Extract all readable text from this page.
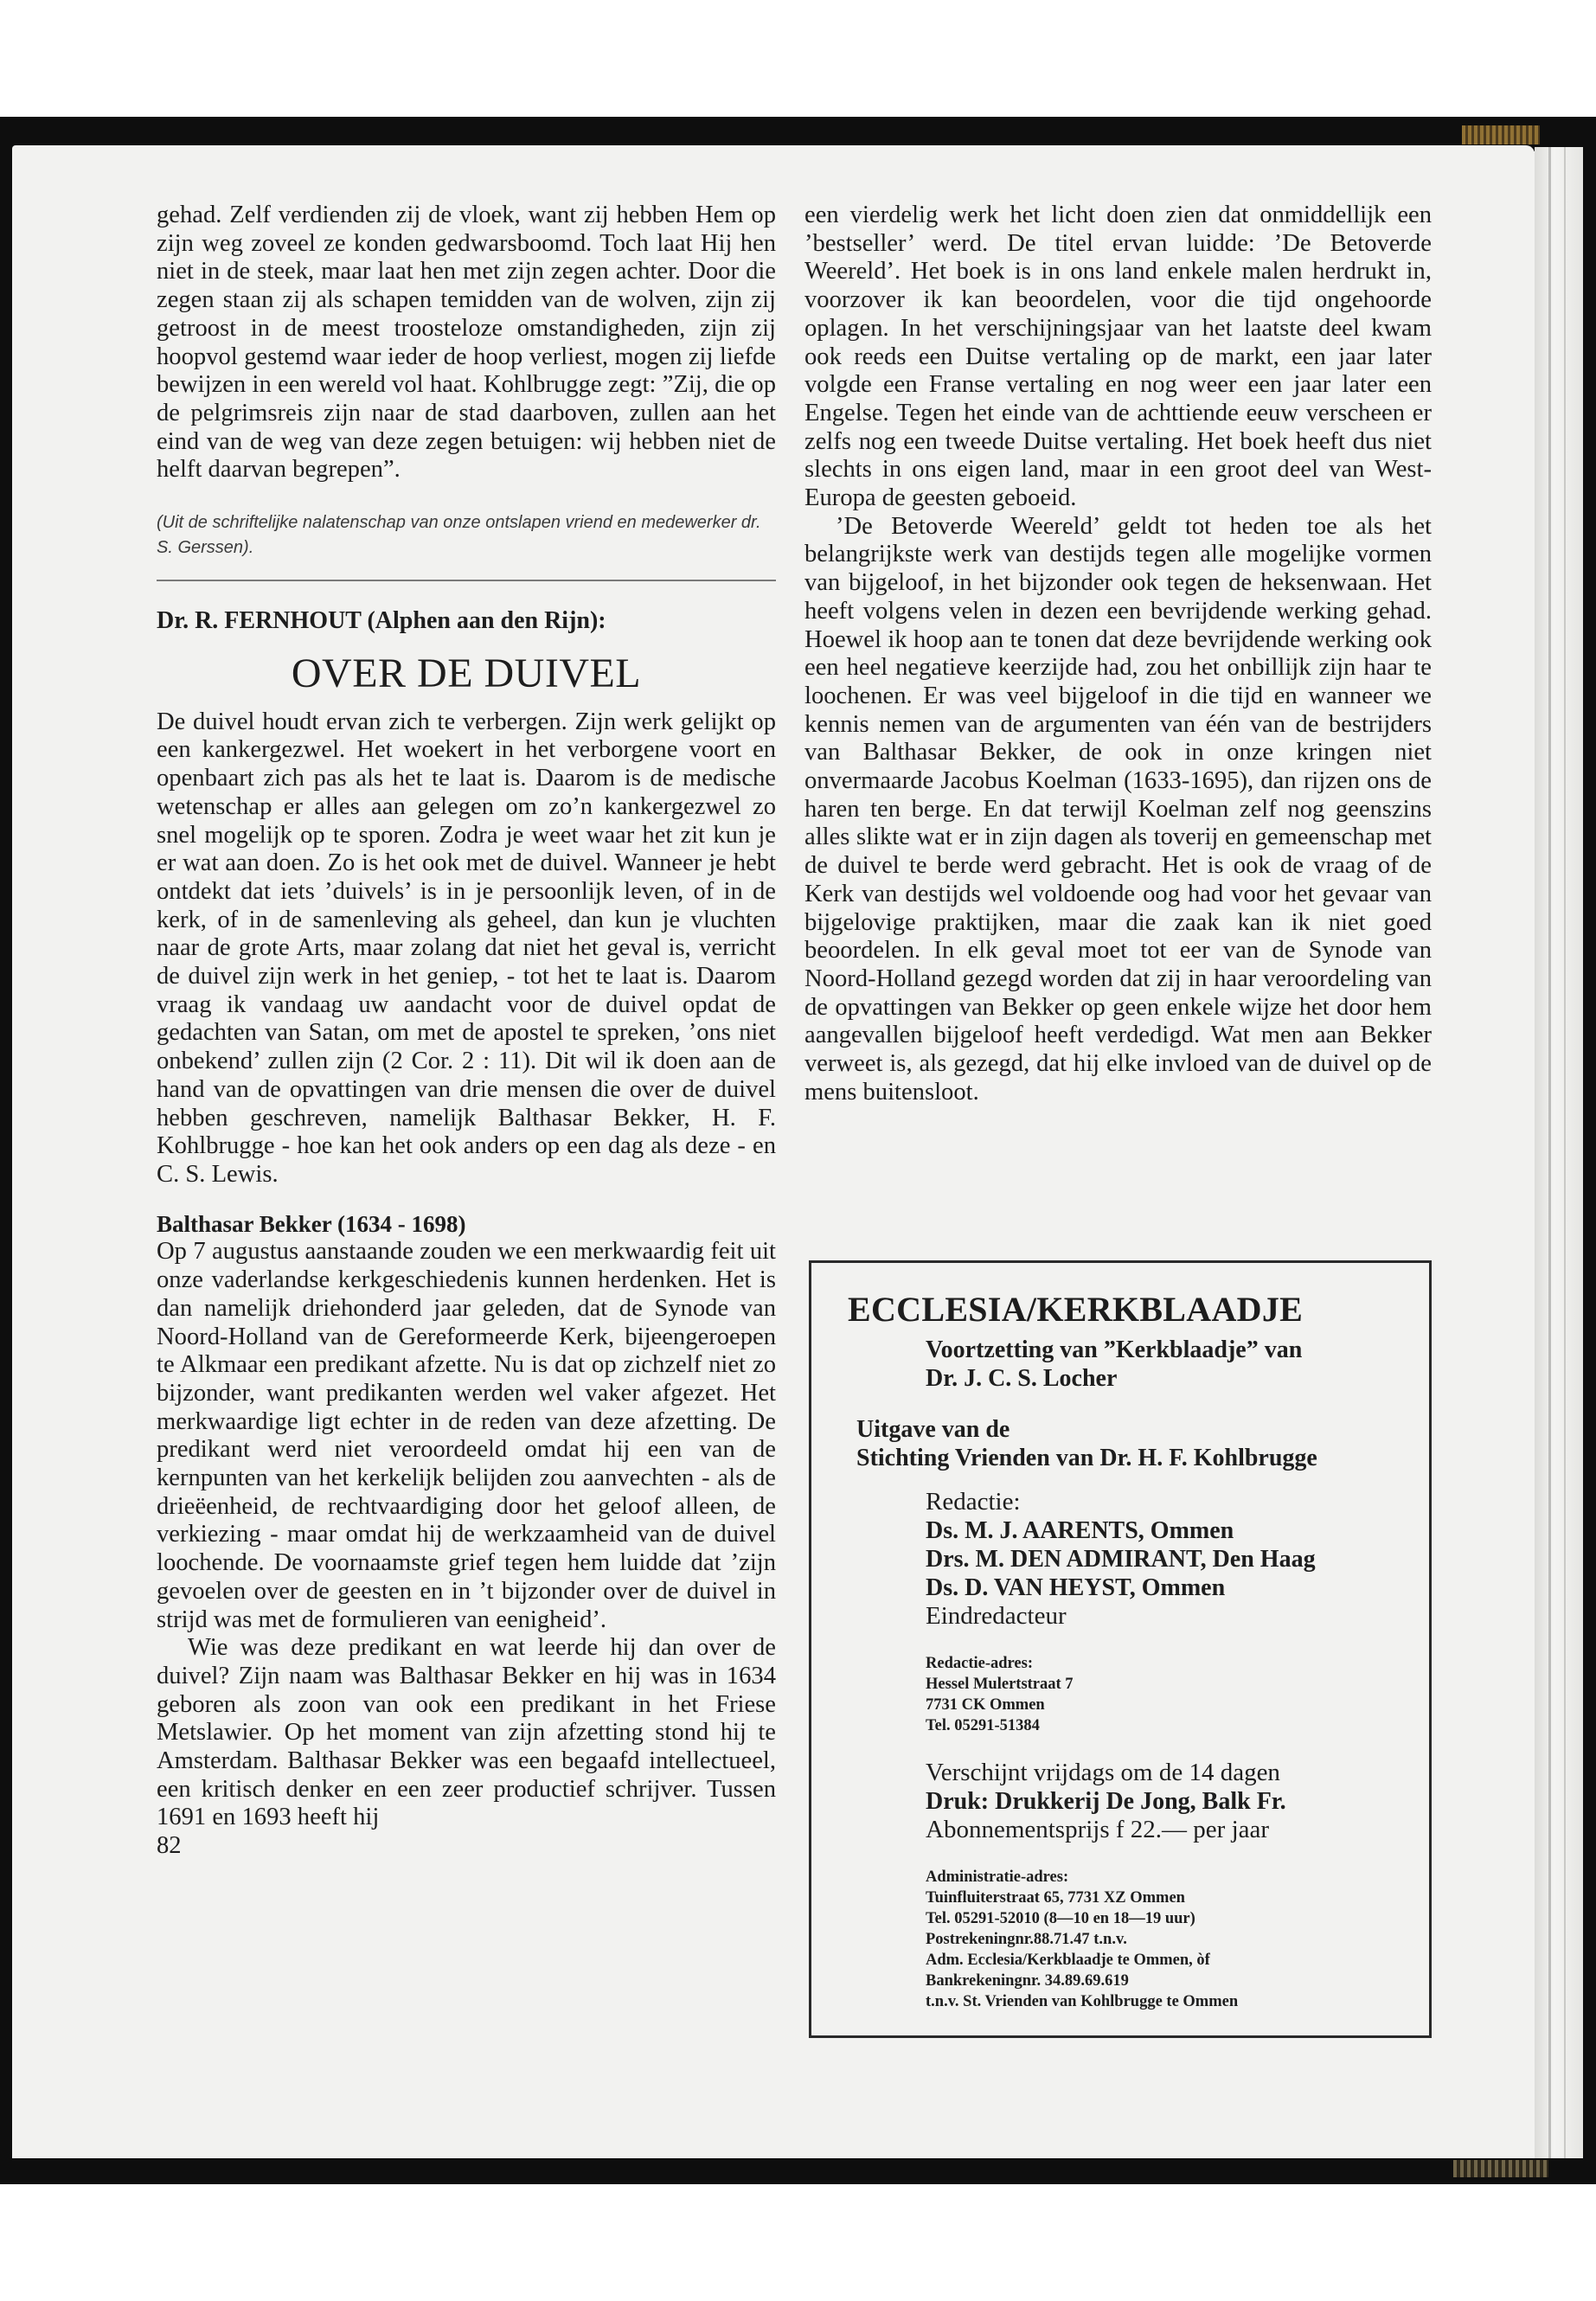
gehad. Zelf verdienden zij de vloek, want zij hebben Hem op zijn weg zoveel ze konden gedwarsboomd. Toch laat Hij hen niet in de steek, maar laat hen met zijn zegen achter. Door die zegen staan zij als schapen temidden van de wolven, zijn zij getroost in de meest troosteloze omstandigheden, zijn zij hoopvol gestemd waar ieder de hoop verliest, mogen zij liefde bewijzen in een wereld vol haat. Kohlbrugge zegt: ”Zij, die op de pelgrimsreis zijn naar de stad daarboven, zullen aan het eind van de weg van deze zegen betuigen: wij hebben niet de helft daarvan begrepen”.

(Uit de schriftelijke nalatenschap van onze ontslapen vriend en medewerker dr. S. Gerssen).

Dr. R. FERNHOUT (Alphen aan den Rijn):

OVER DE DUIVEL

De duivel houdt ervan zich te verbergen. Zijn werk gelijkt op een kankergezwel. Het woekert in het verborgene voort en openbaart zich pas als het te laat is. Daarom is de medische wetenschap er alles aan gelegen om zo’n kankergezwel zo snel mogelijk op te sporen. Zodra je weet waar het zit kun je er wat aan doen. Zo is het ook met de duivel. Wanneer je hebt ontdekt dat iets ’duivels’ is in je persoonlijk leven, of in de kerk, of in de samenleving als geheel, dan kun je vluchten naar de grote Arts, maar zolang dat niet het geval is, verricht de duivel zijn werk in het geniep, - tot het te laat is. Daarom vraag ik vandaag uw aandacht voor de duivel opdat de gedachten van Satan, om met de apostel te spreken, ’ons niet onbekend’ zullen zijn (2 Cor. 2 : 11). Dit wil ik doen aan de hand van de opvattingen van drie mensen die over de duivel hebben geschreven, namelijk Balthasar Bekker, H. F. Kohlbrugge - hoe kan het ook anders op een dag als deze - en C. S. Lewis.

Balthasar Bekker (1634 - 1698)

Op 7 augustus aanstaande zouden we een merkwaardig feit uit onze vaderlandse kerkgeschiedenis kunnen herdenken. Het is dan namelijk driehonderd jaar geleden, dat de Synode van Noord-Holland van de Gereformeerde Kerk, bijeengeroepen te Alkmaar een predikant afzette. Nu is dat op zichzelf niet zo bijzonder, want predikanten werden wel vaker afgezet. Het merkwaardige ligt echter in de reden van deze afzetting. De predikant werd niet veroordeeld omdat hij een van de kernpunten van het kerkelijk belijden zou aanvechten - als de drieëenheid, de rechtvaardiging door het geloof alleen, de verkiezing - maar omdat hij de werkzaamheid van de duivel loochende. De voornaamste grief tegen hem luidde dat ’zijn gevoelen over de geesten en in ’t bijzonder over de duivel in strijd was met de formulieren van eenigheid’.

Wie was deze predikant en wat leerde hij dan over de duivel? Zijn naam was Balthasar Bekker en hij was in 1634 geboren als zoon van ook een predikant in het Friese Metslawier. Op het moment van zijn afzetting stond hij te Amsterdam. Balthasar Bekker was een begaafd intellectueel, een kritisch denker en een zeer productief schrijver. Tussen 1691 en 1693 heeft hij

82

een vierdelig werk het licht doen zien dat onmiddellijk een ’bestseller’ werd. De titel ervan luidde: ’De Betoverde Weereld’. Het boek is in ons land enkele malen herdrukt in, voorzover ik kan beoordelen, voor die tijd ongehoorde oplagen. In het verschijningsjaar van het laatste deel kwam ook reeds een Duitse vertaling op de markt, een jaar later volgde een Franse vertaling en nog weer een jaar later een Engelse. Tegen het einde van de achttiende eeuw verscheen er zelfs nog een tweede Duitse vertaling. Het boek heeft dus niet slechts in ons eigen land, maar in een groot deel van West-Europa de geesten geboeid.

’De Betoverde Weereld’ geldt tot heden toe als het belangrijkste werk van destijds tegen alle mogelijke vormen van bijgeloof, in het bijzonder ook tegen de heksenwaan. Het heeft volgens velen in dezen een bevrijdende werking gehad. Hoewel ik hoop aan te tonen dat deze bevrijdende werking ook een heel negatieve keerzijde had, zou het onbillijk zijn haar te loochenen. Er was veel bijgeloof in die tijd en wanneer we kennis nemen van de argumenten van één van de bestrijders van Balthasar Bekker, de ook in onze kringen niet onvermaarde Jacobus Koelman (1633-1695), dan rijzen ons de haren ten berge. En dat terwijl Koelman zelf nog geenszins alles slikte wat er in zijn dagen als toverij en gemeenschap met de duivel te berde werd gebracht. Het is ook de vraag of de Kerk van destijds wel voldoende oog had voor het gevaar van bijgelovige praktijken, maar die zaak kan ik niet goed beoordelen. In elk geval moet tot eer van de Synode van Noord-Holland gezegd worden dat zij in haar veroordeling van de opvattingen van Bekker op geen enkele wijze het door hem aangevallen bijgeloof heeft verdedigd. Wat men aan Bekker verweet is, als gezegd, dat hij elke invloed van de duivel op de mens buitensloot.

ECCLESIA/KERKBLAADJE
Voortzetting van ”Kerkblaadje” van
Dr. J. C. S. Locher
Uitgave van de
Stichting Vrienden van Dr. H. F. Kohlbrugge
Redactie:
Ds. M. J. AARENTS, Ommen
Drs. M. DEN ADMIRANT, Den Haag
Ds. D. VAN HEYST, Ommen
Eindredacteur
Redactie-adres:
Hessel Mulertstraat 7
7731 CK Ommen
Tel. 05291-51384
Verschijnt vrijdags om de 14 dagen
Druk: Drukkerij De Jong, Balk Fr.
Abonnementsprijs f 22.— per jaar
Administratie-adres:
Tuinfluiterstraat 65, 7731 XZ Ommen
Tel. 05291-52010 (8—10 en 18—19 uur)
Postrekeningnr.88.71.47 t.n.v.
Adm. Ecclesia/Kerkblaadje te Ommen, òf
Bankrekeningnr. 34.89.69.619
t.n.v. St. Vrienden van Kohlbrugge te Ommen
